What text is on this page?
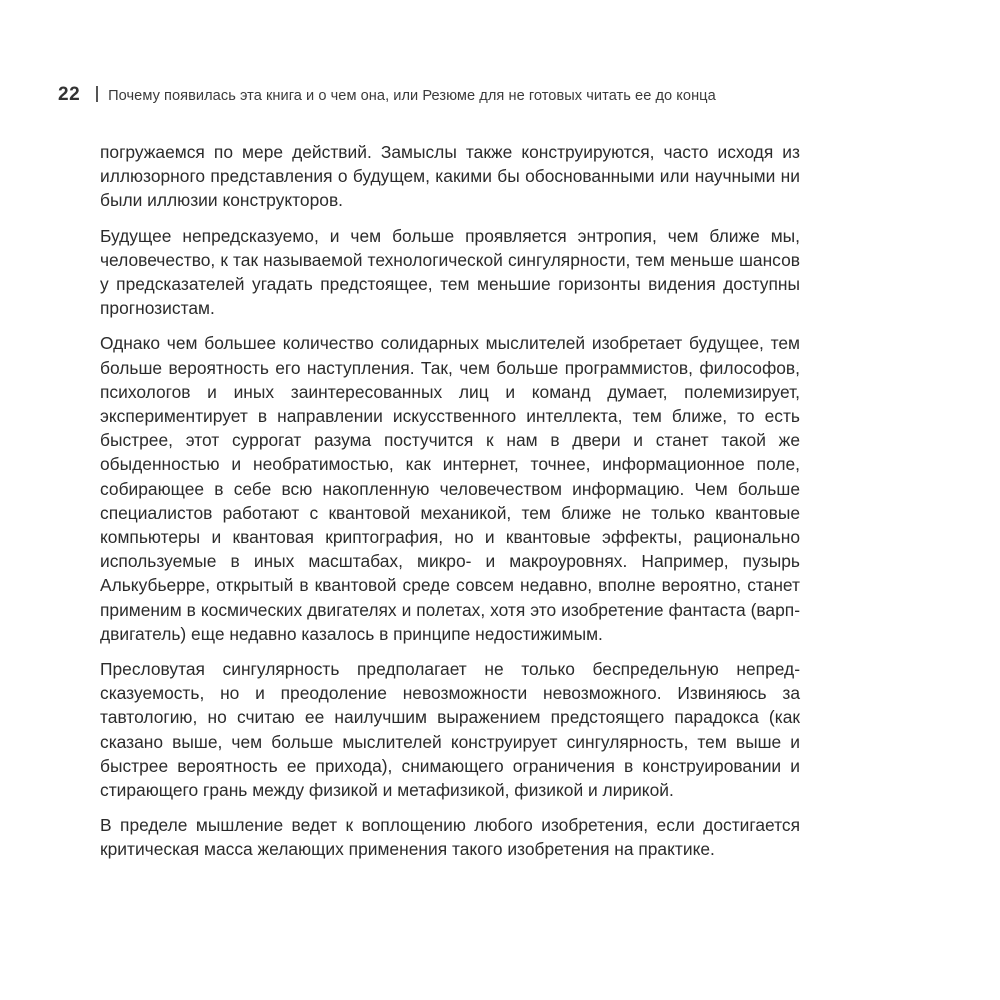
22 Почему появилась эта книга и о чем она, или Резюме для не готовых читать ее до конца

погружаемся по мере действий. Замыслы также конструируются, часто исходя из иллюзорного представления о будущем, какими бы обоснованными или научными ни были иллюзии конструкторов.

Будущее непредсказуемо, и чем больше проявляется энтропия, чем ближе мы, человечество, к так называемой технологической сингулярности, тем меньше шансов у предсказателей угадать предстоящее, тем меньшие горизонты видения доступны прогнозистам.

Однако чем большее количество солидарных мыслителей изобретает будущее, тем больше вероятность его наступления. Так, чем больше программистов, философов, психологов и иных заинтересованных лиц и команд думает, полемизирует, экспериментирует в направлении искусственного интеллекта, тем ближе, то есть быстрее, этот суррогат разума постучится к нам в двери и станет такой же обыденностью и необратимостью, как интернет, точнее, информационное поле, собирающее в себе всю накопленную человечеством информацию. Чем больше специалистов работают с квантовой механикой, тем ближе не только квантовые компьютеры и квантовая криптография, но и квантовые эффекты, рационально используемые в иных масштабах, микро- и макроуровнях. Например, пузырь Алькубьерре, открытый в квантовой среде совсем недавно, вполне вероятно, станет применим в космических двигателях и полетах, хотя это изобретение фантаста (варп-двигатель) еще недавно казалось в принципе недостижимым.

Пресловутая сингулярность предполагает не только беспредельную непредсказуемость, но и преодоление невозможности невозможного. Извиняюсь за тавтологию, но считаю ее наилучшим выражением предстоящего парадокса (как сказано выше, чем больше мыслителей конструирует сингулярность, тем выше и быстрее вероятность ее прихода), снимающего ограничения в конструировании и стирающего грань между физикой и метафизикой, физикой и лирикой.

В пределе мышление ведет к воплощению любого изобретения, если достигается критическая масса желающих применения такого изобретения на практике.
